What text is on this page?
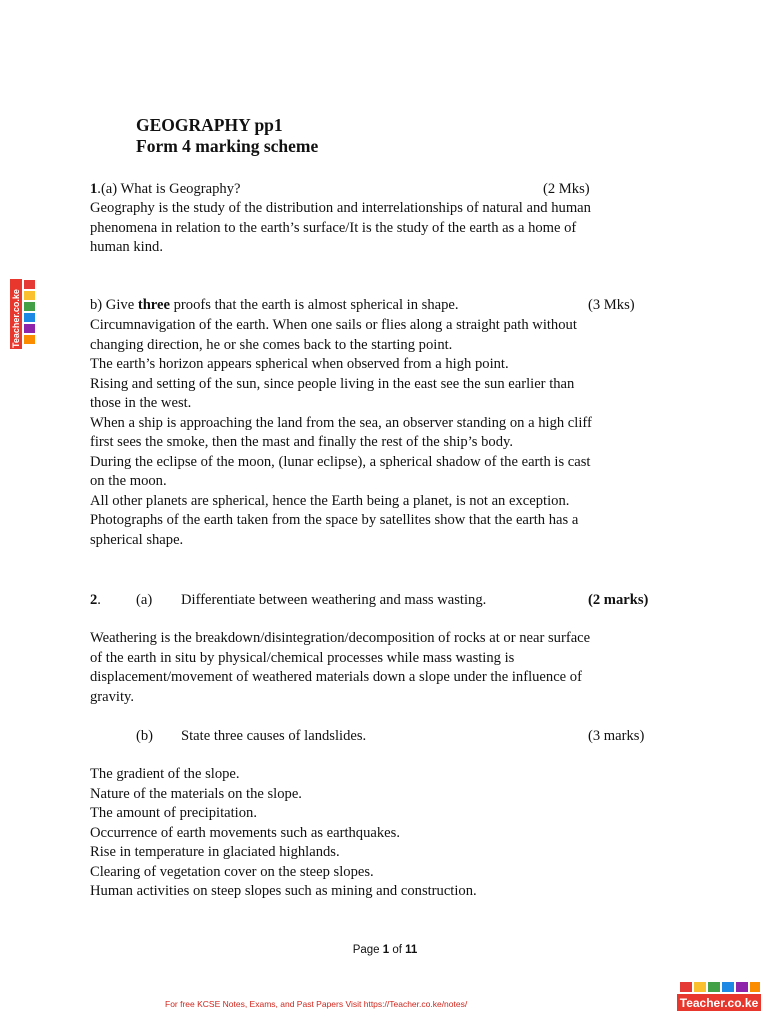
Teacher.co.ke
GEOGRAPHY pp1
Form 4 marking scheme
1.(a) What is Geography?	(2 Mks)
Geography is the study of the distribution and interrelationships of natural and human
phenomena in relation to the earth’s surface/It is the study of the earth as a home of
human kind.
b) Give three proofs that the earth is almost spherical in shape.	(3 Mks)
Circumnavigation of the earth. When one sails or flies along a straight path without
changing direction, he or she comes back to the starting point.
The earth’s horizon appears spherical when observed from a high point.
Rising and setting of the sun, since people living in the east see the sun earlier than
those in the west.
When a ship is approaching the land from the sea, an observer standing on a high cliff
first sees the smoke, then the mast and finally the rest of the ship’s body.
During the eclipse of the moon, (lunar eclipse), a spherical shadow of the earth is cast
on the moon.
All other planets are spherical, hence the Earth being a planet, is not an exception.
Photographs of the earth taken from the space by satellites show that the earth has a
spherical shape.
2. (a) Differentiate between weathering and mass wasting.	(2 marks)
Weathering is the breakdown/disintegration/decomposition of rocks at or near surface
of the earth in situ by physical/chemical processes while mass wasting is
displacement/movement of weathered materials down a slope under the influence of
gravity.
(b) State three causes of landslides.	(3 marks)
The gradient of the slope.
Nature of the materials on the slope.
The amount of precipitation.
Occurrence of earth movements such as earthquakes.
Rise in temperature in glaciated highlands.
Clearing of vegetation cover on the steep slopes.
Human activities on steep slopes such as mining and construction.
Page 1 of 11
For free KCSE Notes, Exams, and Past Papers Visit https://Teacher.co.ke/notes/	Teacher.co.ke
